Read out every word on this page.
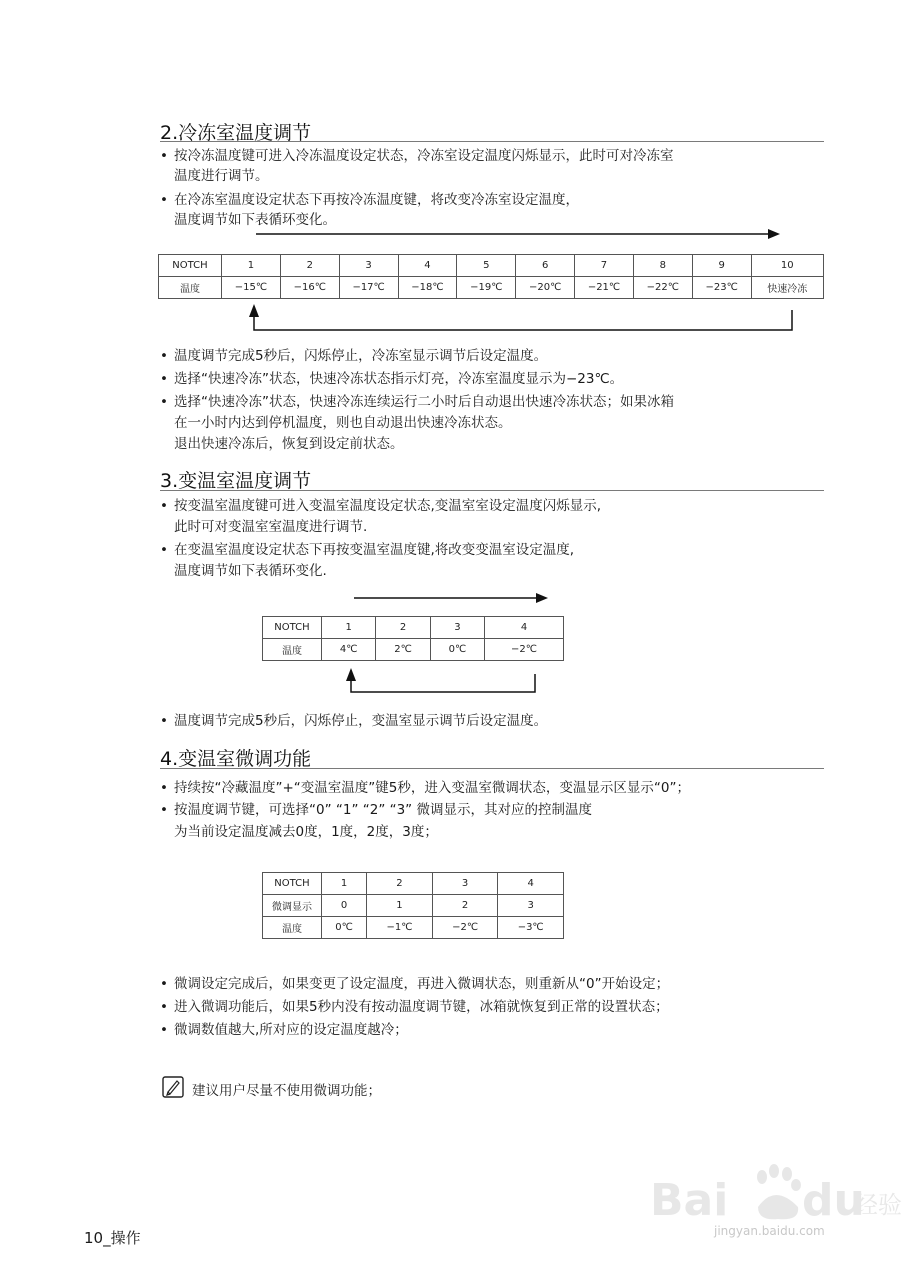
2.冷冻室温度调节
• 按冷冻温度键可进入冷冻温度设定状态，冷冻室设定温度闪烁显示，此时可对冷冻室
温度进行调节。
• 在冷冻室温度设定状态下再按冷冻温度键，将改变冷冻室设定温度，
温度调节如下表循环变化。
NOTCH	1	2	3	4	5	6	7	8	9	10
温度	−15℃	−16℃	−17℃	−18℃	−19℃	−20℃	−21℃	−22℃	−23℃	快速冷冻
• 温度调节完成5秒后，闪烁停止，冷冻室显示调节后设定温度。
• 选择“快速冷冻”状态，快速冷冻状态指示灯亮，冷冻室温度显示为−23℃。
• 选择“快速冷冻”状态，快速冷冻连续运行二小时后自动退出快速冷冻状态；如果冰箱
在一小时内达到停机温度，则也自动退出快速冷冻状态。
退出快速冷冻后，恢复到设定前状态。
3.变温室温度调节
• 按变温室温度键可进入变温室温度设定状态,变温室室设定温度闪烁显示,
此时可对变温室室温度进行调节.
• 在变温室温度设定状态下再按变温室温度键,将改变变温室设定温度,
温度调节如下表循环变化.
NOTCH	1	2	3	4
温度	4℃	2℃	0℃	−2℃
• 温度调节完成5秒后，闪烁停止，变温室显示调节后设定温度。
4.变温室微调功能
• 持续按“冷藏温度”+“变温室温度”键5秒，进入变温室微调状态，变温显示区显示“0”；
• 按温度调节键，可选择“0” “1” “2” “3” 微调显示，其对应的控制温度
为当前设定温度减去0度，1度，2度，3度；
NOTCH	1	2	3	4
微调显示	0	1	2	3
温度	0℃	−1℃	−2℃	−3℃
• 微调设定完成后，如果变更了设定温度，再进入微调状态，则重新从“0”开始设定；
• 进入微调功能后，如果5秒内没有按动温度调节键，冰箱就恢复到正常的设置状态；
• 微调数值越大,所对应的设定温度越冷；
建议用户尽量不使用微调功能；
10_操作
Bai du
经验
jingyan.baidu.com
